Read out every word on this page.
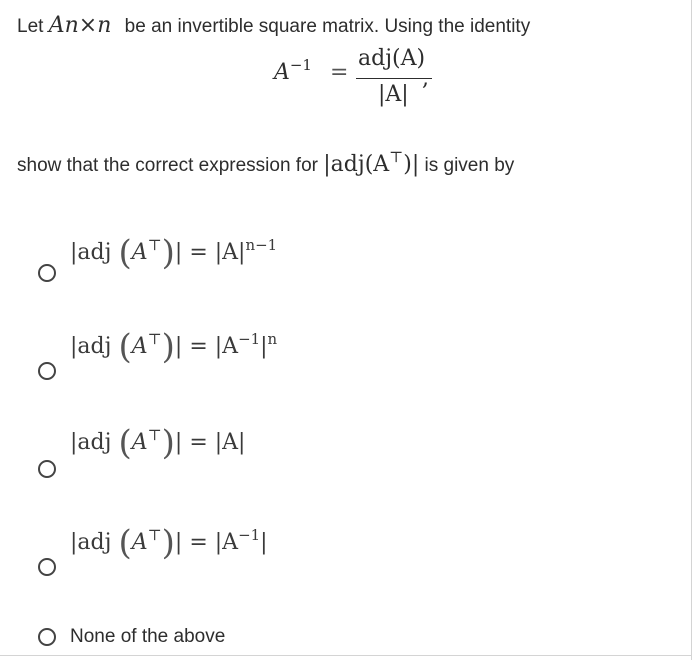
Let An×n be an invertible square matrix. Using the identity
$A^{-1}$ =
adj(A)
|A|
,
show that the correct expression for |adj(A⊤)| is given by
|adj $(A^⊤)| = |A|^{n-1}$
|adj $(A^⊤)| = |A^{-1}|^n$
|adj (A⊤)| = |A|
|adj $(A^⊤)| = |A^{-1}|$
None of the above
